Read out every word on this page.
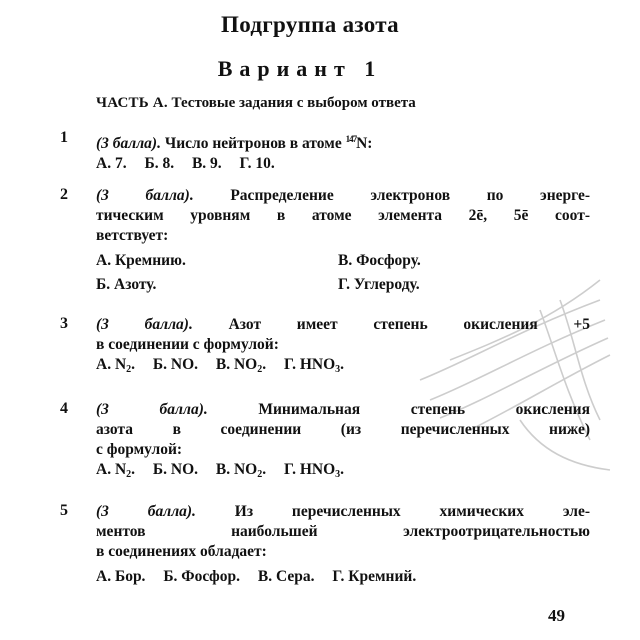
Подгруппа азота
Вариант 1
ЧАСТЬ А. Тестовые задания с выбором ответа
1	(3 балла). Число нейтронов в атоме $^{147}$N:
А. 7. Б. 8. В. 9. Г. 10.
2	(3 балла). Распределение электронов по энерге-
тическим уровням в атоме элемента 2ē, 5ē соот-
ветствует:
А. Кремнию.	В. Фосфору.
Б. Азоту.	Г. Углероду.
3	(3 балла). Азот имеет степень окисления +5
в соединении с формулой:
А. $N_2$. Б. NO. В. $NO_2$. Г. $HNO_3$.
4	(3 балла).	Минимальная степень окисления
азота в соединении (из перечисленных ниже)
с формулой:
А. $N_2$. Б. NO. В. $NO_2$. Г. $HNO_3$.
5	(3 балла).	Из перечисленных химических эле-
ментов наибольшей электроотрицательностью
в соединениях обладает:
А. Бор. Б. Фосфор. В. Сера. Г. Кремний.
49
